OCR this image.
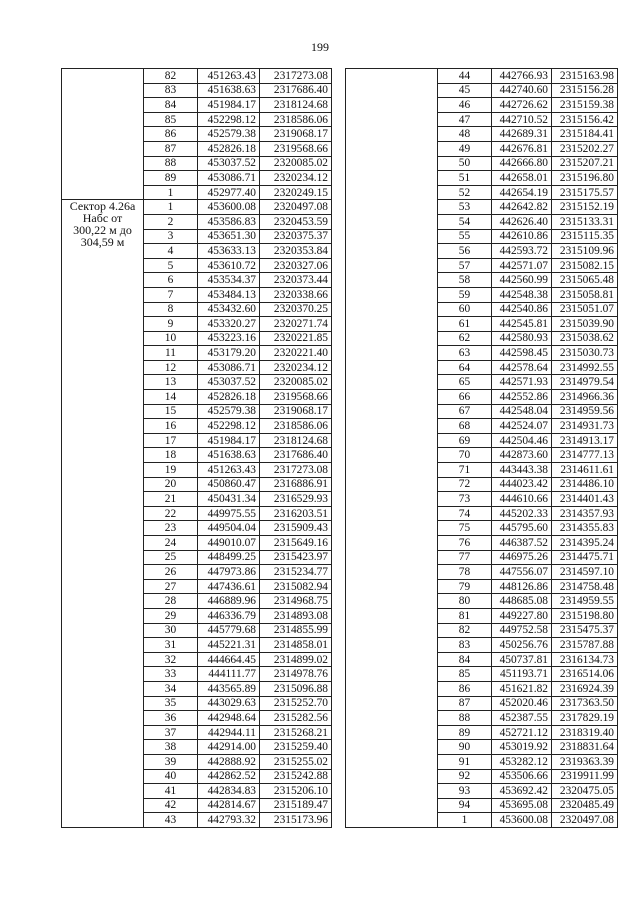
199
	82	451263.43	2317273.08
	83	451638.63	2317686.40
	84	451984.17	2318124.68
	85	452298.12	2318586.06
	86	452579.38	2319068.17
	87	452826.18	2319568.66
	88	453037.52	2320085.02
	89	453086.71	2320234.12
	1	452977.40	2320249.15
Сектор 4.26а Набс от 300,22 м до 304,59 м	1	453600.08	2320497.08
	2	453586.83	2320453.59
	3	453651.30	2320375.37
	4	453633.13	2320353.84
	5	453610.72	2320327.06
	6	453534.37	2320373.44
	7	453484.13	2320338.66
	8	453432.60	2320370.25
	9	453320.27	2320271.74
	10	453223.16	2320221.85
	11	453179.20	2320221.40
	12	453086.71	2320234.12
	13	453037.52	2320085.02
	14	452826.18	2319568.66
	15	452579.38	2319068.17
	16	452298.12	2318586.06
	17	451984.17	2318124.68
	18	451638.63	2317686.40
	19	451263.43	2317273.08
	20	450860.47	2316886.91
	21	450431.34	2316529.93
	22	449975.55	2316203.51
	23	449504.04	2315909.43
	24	449010.07	2315649.16
	25	448499.25	2315423.97
	26	447973.86	2315234.77
	27	447436.61	2315082.94
	28	446889.96	2314968.75
	29	446336.79	2314893.08
	30	445779.68	2314855.99
	31	445221.31	2314858.01
	32	444664.45	2314899.02
	33	444111.77	2314978.76
	34	443565.89	2315096.88
	35	443029.63	2315252.70
	36	442948.64	2315282.56
	37	442944.11	2315268.21
	38	442914.00	2315259.40
	39	442888.92	2315255.02
	40	442862.52	2315242.88
	41	442834.83	2315206.10
	42	442814.67	2315189.47
	43	442793.32	2315173.96
	44	442766.93	2315163.98
	45	442740.60	2315156.28
	46	442726.62	2315159.38
	47	442710.52	2315156.42
	48	442689.31	2315184.41
	49	442676.81	2315202.27
	50	442666.80	2315207.21
	51	442658.01	2315196.80
	52	442654.19	2315175.57
	53	442642.82	2315152.19
	54	442626.40	2315133.31
	55	442610.86	2315115.35
	56	442593.72	2315109.96
	57	442571.07	2315082.15
	58	442560.99	2315065.48
	59	442548.38	2315058.81
	60	442540.86	2315051.07
	61	442545.81	2315039.90
	62	442580.93	2315038.62
	63	442598.45	2315030.73
	64	442578.64	2314992.55
	65	442571.93	2314979.54
	66	442552.86	2314966.36
	67	442548.04	2314959.56
	68	442524.07	2314931.73
	69	442504.46	2314913.17
	70	442873.60	2314777.13
	71	443443.38	2314611.61
	72	444023.42	2314486.10
	73	444610.66	2314401.43
	74	445202.33	2314357.93
	75	445795.60	2314355.83
	76	446387.52	2314395.24
	77	446975.26	2314475.71
	78	447556.07	2314597.10
	79	448126.86	2314758.48
	80	448685.08	2314959.55
	81	449227.80	2315198.80
	82	449752.58	2315475.37
	83	450256.76	2315787.88
	84	450737.81	2316134.73
	85	451193.71	2316514.06
	86	451621.82	2316924.39
	87	452020.46	2317363.50
	88	452387.55	2317829.19
	89	452721.12	2318319.40
	90	453019.92	2318831.64
	91	453282.12	2319363.39
	92	453506.66	2319911.99
	93	453692.42	2320475.05
	94	453695.08	2320485.49
	1	453600.08	2320497.08
